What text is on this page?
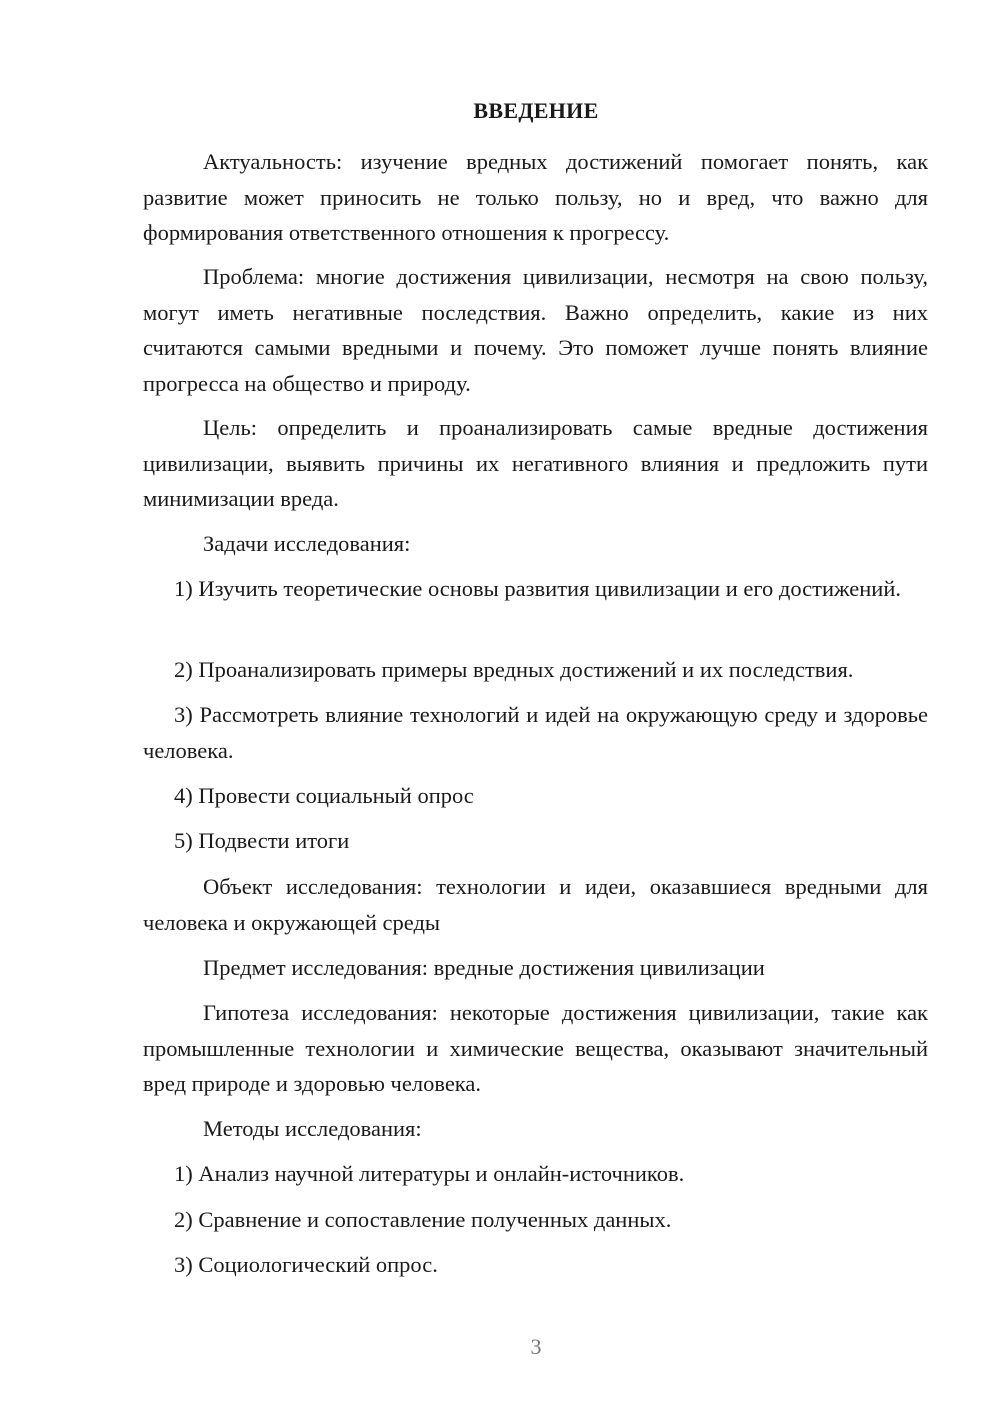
ВВЕДЕНИЕ

Актуальность: изучение вредных достижений помогает понять, как развитие может приносить не только пользу, но и вред, что важно для формирования ответственного отношения к прогрессу.

Проблема: многие достижения цивилизации, несмотря на свою пользу, могут иметь негативные последствия. Важно определить, какие из них считаются самыми вредными и почему. Это поможет лучше понять влияние прогресса на общество и природу.

Цель: определить и проанализировать самые вредные достижения цивилизации, выявить причины их негативного влияния и предложить пути минимизации вреда.

Задачи исследования:

1) Изучить теоретические основы развития цивилизации и его достижений.

2) Проанализировать примеры вредных достижений и их последствия.

3) Рассмотреть влияние технологий и идей на окружающую среду и здоровье человека.

4) Провести социальный опрос

5) Подвести итоги

Объект исследования: технологии и идеи, оказавшиеся вредными для человека и окружающей среды

Предмет исследования: вредные достижения цивилизации

Гипотеза исследования: некоторые достижения цивилизации, такие как промышленные технологии и химические вещества, оказывают значительный вред природе и здоровью человека.

Методы исследования:

1) Анализ научной литературы и онлайн-источников.

2) Сравнение и сопоставление полученных данных.

3) Социологический опрос.

3
